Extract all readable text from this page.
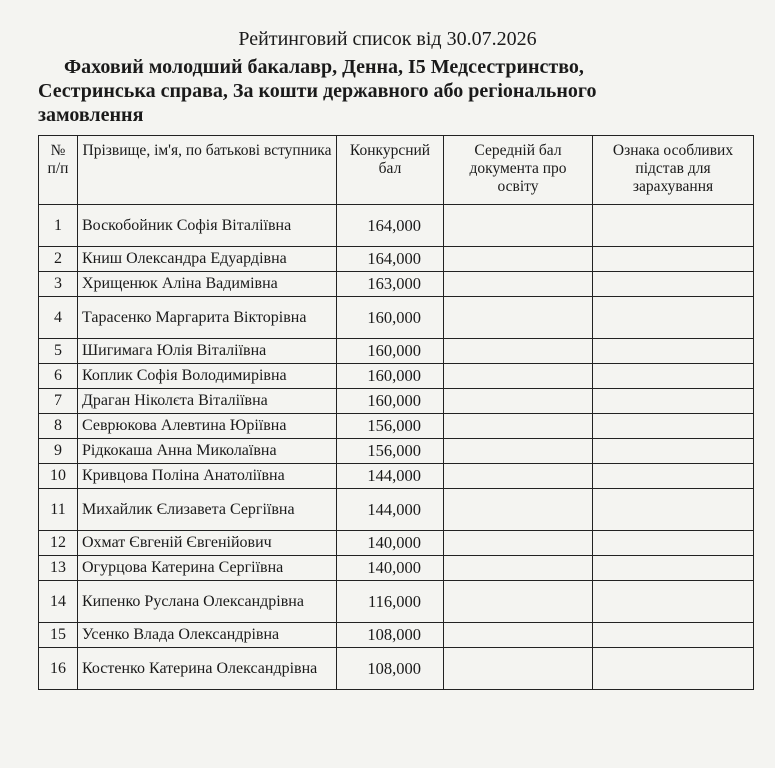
Рейтинговий список від 30.07.2026
Фаховий молодший бакалавр, Денна, І5 Медсестринство,
Сестринська справа, За кошти державного або регіонального
замовлення
№ п/п	Прізвище, ім'я, по батькові вступника	Конкурсний бал	Середній бал документа про освіту	Ознака особливих підстав для зарахування
1	Воскобойник Софія Віталіївна	164,000		
2	Книш Олександра Едуардівна	164,000		
3	Хрищенюк Аліна Вадимівна	163,000		
4	Тарасенко Маргарита Вікторівна	160,000		
5	Шигимага Юлія Віталіївна	160,000		
6	Коплик Софія Володимирівна	160,000		
7	Драган Ніколєта Віталіївна	160,000		
8	Севрюкова Алевтина Юріївна	156,000		
9	Рідкокаша Анна Миколаївна	156,000		
10	Кривцова Поліна Анатоліївна	144,000		
11	Михайлик Єлизавета Сергіївна	144,000		
12	Охмат Євгеній Євгенійович	140,000		
13	Огурцова Катерина Сергіївна	140,000		
14	Кипенко Руслана Олександрівна	116,000		
15	Усенко Влада Олександрівна	108,000		
16	Костенко Катерина Олександрівна	108,000		
